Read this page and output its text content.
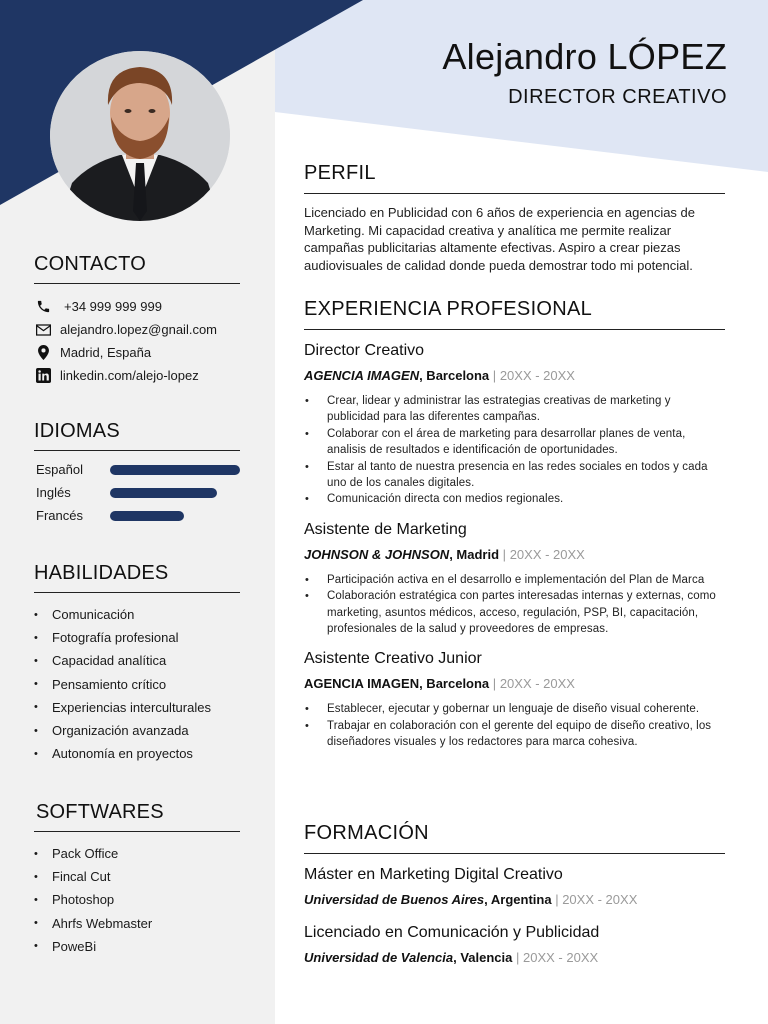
Alejandro LÓPEZ
DIRECTOR CREATIVO
CONTACTO
+34 999 999 999
alejandro.lopez@gnail.com
Madrid, España
linkedin.com/alejo-lopez
IDIOMAS
Español
Inglés
Francés
HABILIDADES
• Comunicación
• Fotografía profesional
• Capacidad analítica
• Pensamiento crítico
• Experiencias interculturales
• Organización avanzada
• Autonomía en proyectos
SOFTWARES
• Pack Office
• Fincal Cut
• Photoshop
• Ahrfs Webmaster
• PoweBi
PERFIL

Licenciado en Publicidad con 6 años de experiencia en agencias de Marketing. Mi capacidad creativa y analítica me permite realizar campañas publicitarias altamente efectivas. Aspiro a crear piezas audiovisuales de calidad donde pueda demostrar todo mi potencial.

EXPERIENCIA PROFESIONAL
Director Creativo
AGENCIA IMAGEN, Barcelona | 20XX - 20XX
• Crear, lidear y administrar las estrategias creativas de marketing y publicidad para las diferentes campañas.
• Colaborar con el área de marketing para desarrollar planes de venta, analisis de resultados e identificación de oportunidades.
• Estar al tanto de nuestra presencia en las redes sociales en todos y cada uno de los canales digitales.
• Comunicación directa con medios regionales.
Asistente de Marketing
JOHNSON & JOHNSON, Madrid | 20XX - 20XX
• Participación activa en el desarrollo e implementación del Plan de Marca
• Colaboración estratégica con partes interesadas internas y externas, como marketing, asuntos médicos, acceso, regulación, PSP, BI, capacitación, profesionales de la salud y proveedores de empresas.
Asistente Creativo Junior
AGENCIA IMAGEN, Barcelona | 20XX - 20XX
• Establecer, ejecutar y gobernar un lenguaje de diseño visual coherente.
• Trabajar en colaboración con el gerente del equipo de diseño creativo, los diseñadores visuales y los redactores para marca cohesiva.
FORMACIÓN
Máster en Marketing Digital Creativo
Universidad de Buenos Aires, Argentina | 20XX - 20XX
Licenciado en Comunicación y Publicidad
Universidad de Valencia, Valencia | 20XX - 20XX
